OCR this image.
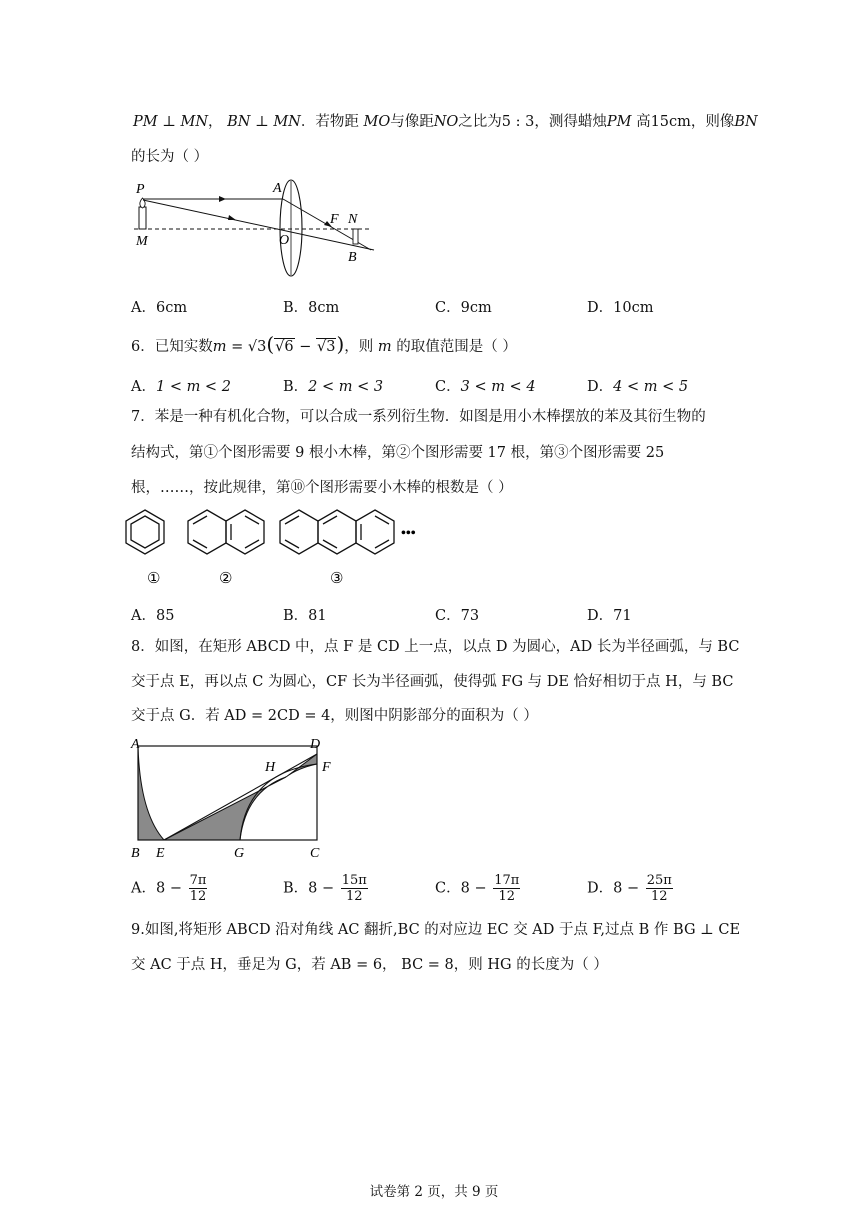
PM ⊥ MN， BN ⊥ MN．若物距 MO与像距NO之比为5 : 3，测得蜡烛PM 高15cm，则像BN
的长为（ ）
P
M
A
O
F N
B
A．6cm	B．8cm	C．9cm	D．10cm
6．已知实数m = √3(√6 − √3)，则 m 的取值范围是（ ）
A．1 < m < 2	B．2 < m < 3	C．3 < m < 4	D．4 < m < 5
7．苯是一种有机化合物，可以合成一系列衍生物．如图是用小木棒摆放的苯及其衍生物的
结构式，第①个图形需要 9 根小木棒，第②个图形需要 17 根，第③个图形需要 25
根，……，按此规律，第⑩个图形需要小木棒的根数是（ ）
•••
①	②	③
A．85	B．81	C．73	D．71
8．如图，在矩形 ABCD 中，点 F 是 CD 上一点，以点 D 为圆心，AD 长为半径画弧，与 BC
交于点 E，再以点 C 为圆心，CF 长为半径画弧，使得弧 FG 与 DE 恰好相切于点 H，与 BC
交于点 G．若 AD = 2CD = 4，则图中阴影部分的面积为（ ）
A	D
H	F
B E	G	C
A．$8 - \frac{7\pi}{12}$	B．$8 - \frac{15\pi}{12}$	C．$8 - \frac{17\pi}{12}$	D．$8 - \frac{25\pi}{12}$
9.如图,将矩形 ABCD 沿对角线 AC 翻折,BC 的对应边 EC 交 AD 于点 F,过点 B 作 BG ⊥ CE
交 AC 于点 H，垂足为 G，若 AB = 6， BC = 8，则 HG 的长度为（ ）
试卷第 2 页，共 9 页
